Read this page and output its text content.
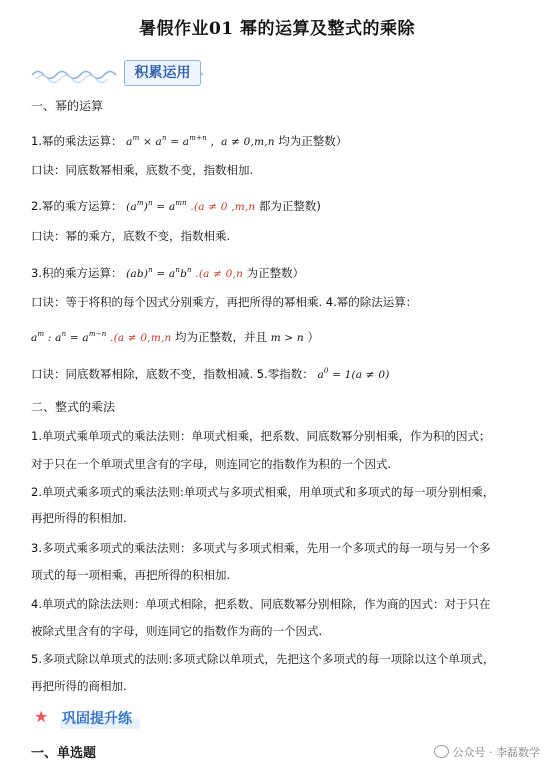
暑假作业01 幂的运算及整式的乘除
积累运用
一、幂的运算
1.幂的乘法运算： $a^m \times a^n = a^{m+n}$ ，a ≠ 0,m,n 均为正整数）
口诀：同底数幂相乘，底数不变，指数相加.
2.幂的乘方运算： $(a^m)^n = a^{mn}$ .(a ≠ 0 ,m,n 都为正整数)
口诀：幂的乘方，底数不变，指数相乘.
3.积的乘方运算： $(ab)^n = a^nb^n$ .(a ≠ 0,n 为正整数）
口诀：等于将积的每个因式分别乘方，再把所得的幂相乘. 4.幂的除法运算：
$a^m$ : $a^n = a^{m-n}$ .(a ≠ 0,m,n 均为正整数，并且 m > n ）
口诀：同底数幂相除，底数不变，指数相减. 5.零指数： $a^0 = 1(a \ne 0)$
二、整式的乘法
1.单项式乘单项式的乘法法则：单项式相乘，把系数、同底数幂分别相乘，作为积的因式；
对于只在一个单项式里含有的字母，则连同它的指数作为积的一个因式.
2.单项式乘多项式的乘法法则:单项式与多项式相乘，用单项式和多项式的每一项分别相乘，
再把所得的积相加.
3.多项式乘多项式的乘法法则：多项式与多项式相乘，先用一个多项式的每一项与另一个多
项式的每一项相乘，再把所得的积相加.
4.单项式的除法法则：单项式相除，把系数、同底数幂分别相除，作为商的因式：对于只在
被除式里含有的字母，则连同它的指数作为商的一个因式.
5.多项式除以单项式的法则:多项式除以单项式，先把这个多项式的每一项除以这个单项式，
再把所得的商相加.
★ 巩固提升练
一、单选题	公众号 · 李磊数学
